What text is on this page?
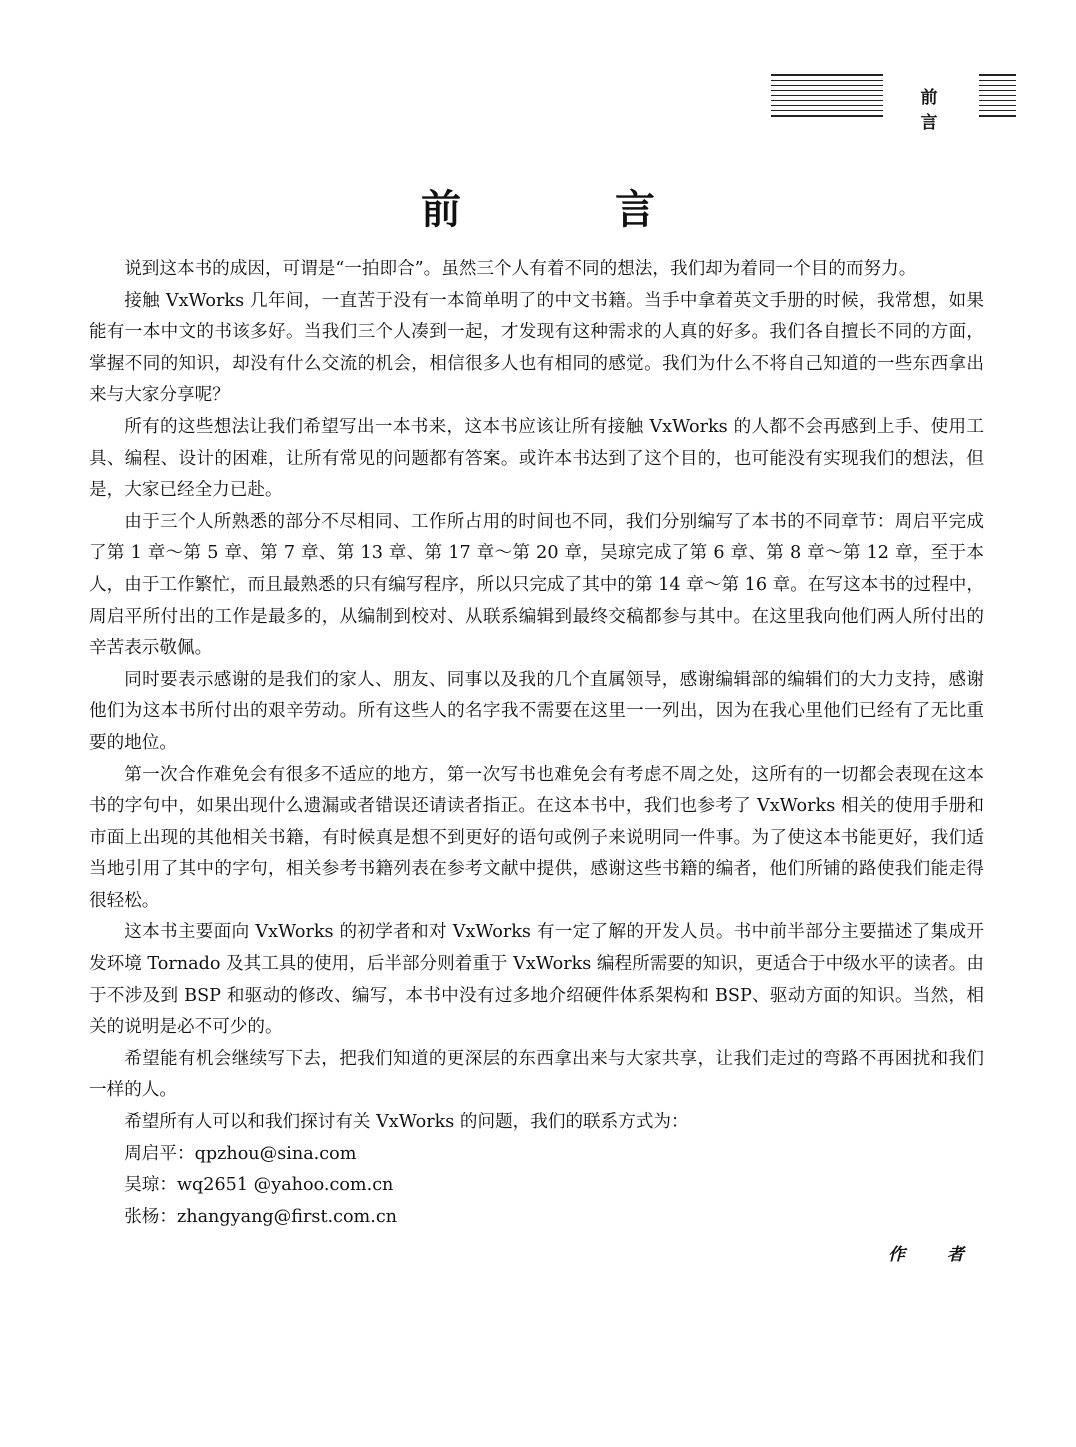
前 言
前 言

说到这本书的成因，可谓是“一拍即合”。虽然三个人有着不同的想法，我们却为着同一个目的而努力。

接触 VxWorks 几年间，一直苦于没有一本简单明了的中文书籍。当手中拿着英文手册的时候，我常想，如果能有一本中文的书该多好。当我们三个人凑到一起，才发现有这种需求的人真的好多。我们各自擅长不同的方面，掌握不同的知识，却没有什么交流的机会，相信很多人也有相同的感觉。我们为什么不将自己知道的一些东西拿出来与大家分享呢？

所有的这些想法让我们希望写出一本书来，这本书应该让所有接触 VxWorks 的人都不会再感到上手、使用工具、编程、设计的困难，让所有常见的问题都有答案。或许本书达到了这个目的，也可能没有实现我们的想法，但是，大家已经全力已赴。

由于三个人所熟悉的部分不尽相同、工作所占用的时间也不同，我们分别编写了本书的不同章节：周启平完成了第 1 章～第 5 章、第 7 章、第 13 章、第 17 章～第 20 章，吴琼完成了第 6 章、第 8 章～第 12 章，至于本人，由于工作繁忙，而且最熟悉的只有编写程序，所以只完成了其中的第 14 章～第 16 章。在写这本书的过程中，周启平所付出的工作是最多的，从编制到校对、从联系编辑到最终交稿都参与其中。在这里我向他们两人所付出的辛苦表示敬佩。

同时要表示感谢的是我们的家人、朋友、同事以及我的几个直属领导，感谢编辑部的编辑们的大力支持，感谢他们为这本书所付出的艰辛劳动。所有这些人的名字我不需要在这里一一列出，因为在我心里他们已经有了无比重要的地位。

第一次合作难免会有很多不适应的地方，第一次写书也难免会有考虑不周之处，这所有的一切都会表现在这本书的字句中，如果出现什么遗漏或者错误还请读者指正。在这本书中，我们也参考了 VxWorks 相关的使用手册和市面上出现的其他相关书籍，有时候真是想不到更好的语句或例子来说明同一件事。为了使这本书能更好，我们适当地引用了其中的字句，相关参考书籍列表在参考文献中提供，感谢这些书籍的编者，他们所铺的路使我们能走得很轻松。

这本书主要面向 VxWorks 的初学者和对 VxWorks 有一定了解的开发人员。书中前半部分主要描述了集成开发环境 Tornado 及其工具的使用，后半部分则着重于 VxWorks 编程所需要的知识，更适合于中级水平的读者。由于不涉及到 BSP 和驱动的修改、编写，本书中没有过多地介绍硬件体系架构和 BSP、驱动方面的知识。当然，相关的说明是必不可少的。

希望能有机会继续写下去，把我们知道的更深层的东西拿出来与大家共享，让我们走过的弯路不再困扰和我们一样的人。

希望所有人可以和我们探讨有关 VxWorks 的问题，我们的联系方式为：

周启平：qpzhou@sina.com
吴琼：wq2651 @yahoo.com.cn
张杨：zhangyang@first.com.cn
作 者
